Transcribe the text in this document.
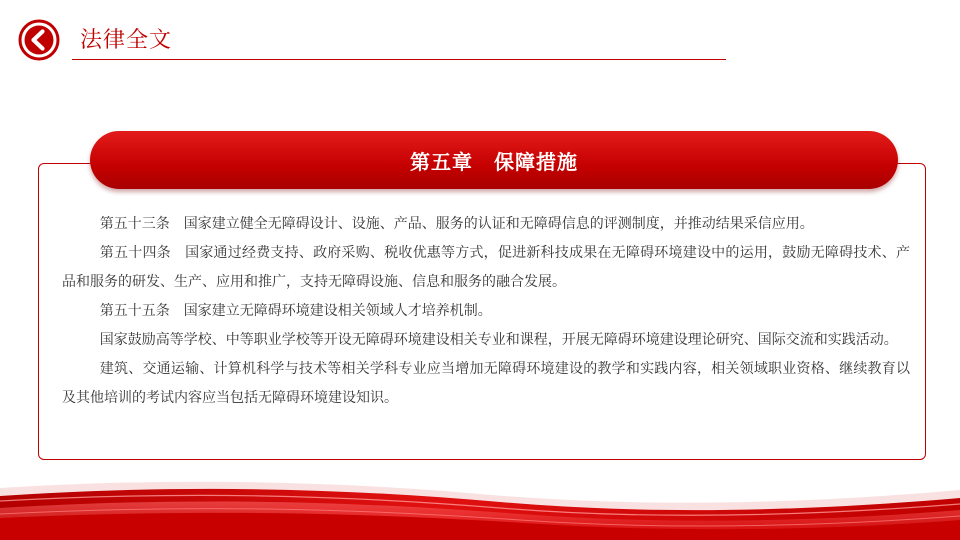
法律全文
第五章　保障措施

第五十三条　国家建立健全无障碍设计、设施、产品、服务的认证和无障碍信息的评测制度，并推动结果采信应用。

第五十四条　国家通过经费支持、政府采购、税收优惠等方式，促进新科技成果在无障碍环境建设中的运用，鼓励无障碍技术、产品和服务的研发、生产、应用和推广，支持无障碍设施、信息和服务的融合发展。

第五十五条　国家建立无障碍环境建设相关领域人才培养机制。

国家鼓励高等学校、中等职业学校等开设无障碍环境建设相关专业和课程，开展无障碍环境建设理论研究、国际交流和实践活动。

建筑、交通运输、计算机科学与技术等相关学科专业应当增加无障碍环境建设的教学和实践内容，相关领域职业资格、继续教育以及其他培训的考试内容应当包括无障碍环境建设知识。
